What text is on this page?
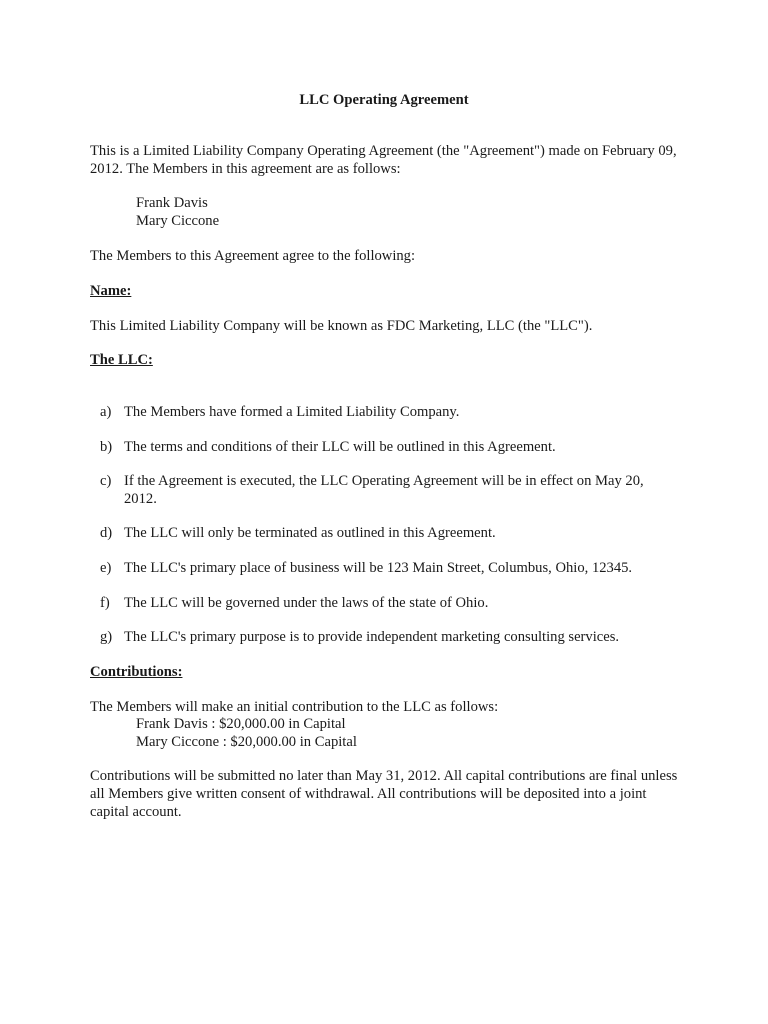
LLC Operating Agreement

This is a Limited Liability Company Operating Agreement (the "Agreement") made on February 09, 2012. The Members in this agreement are as follows:

Frank Davis
Mary Ciccone

The Members to this Agreement agree to the following:

Name:

This Limited Liability Company will be known as FDC Marketing, LLC (the "LLC").

The LLC:
a) The Members have formed a Limited Liability Company.
b) The terms and conditions of their LLC will be outlined in this Agreement.
c) If the Agreement is executed, the LLC Operating Agreement will be in effect on May 20, 2012.
d) The LLC will only be terminated as outlined in this Agreement.
e) The LLC's primary place of business will be 123 Main Street, Columbus, Ohio, 12345.
f) The LLC will be governed under the laws of the state of Ohio.
g) The LLC's primary purpose is to provide independent marketing consulting services.
Contributions:

The Members will make an initial contribution to the LLC as follows:

Frank Davis : $20,000.00 in Capital
Mary Ciccone : $20,000.00 in Capital

Contributions will be submitted no later than May 31, 2012. All capital contributions are final unless all Members give written consent of withdrawal. All contributions will be deposited into a joint capital account.
